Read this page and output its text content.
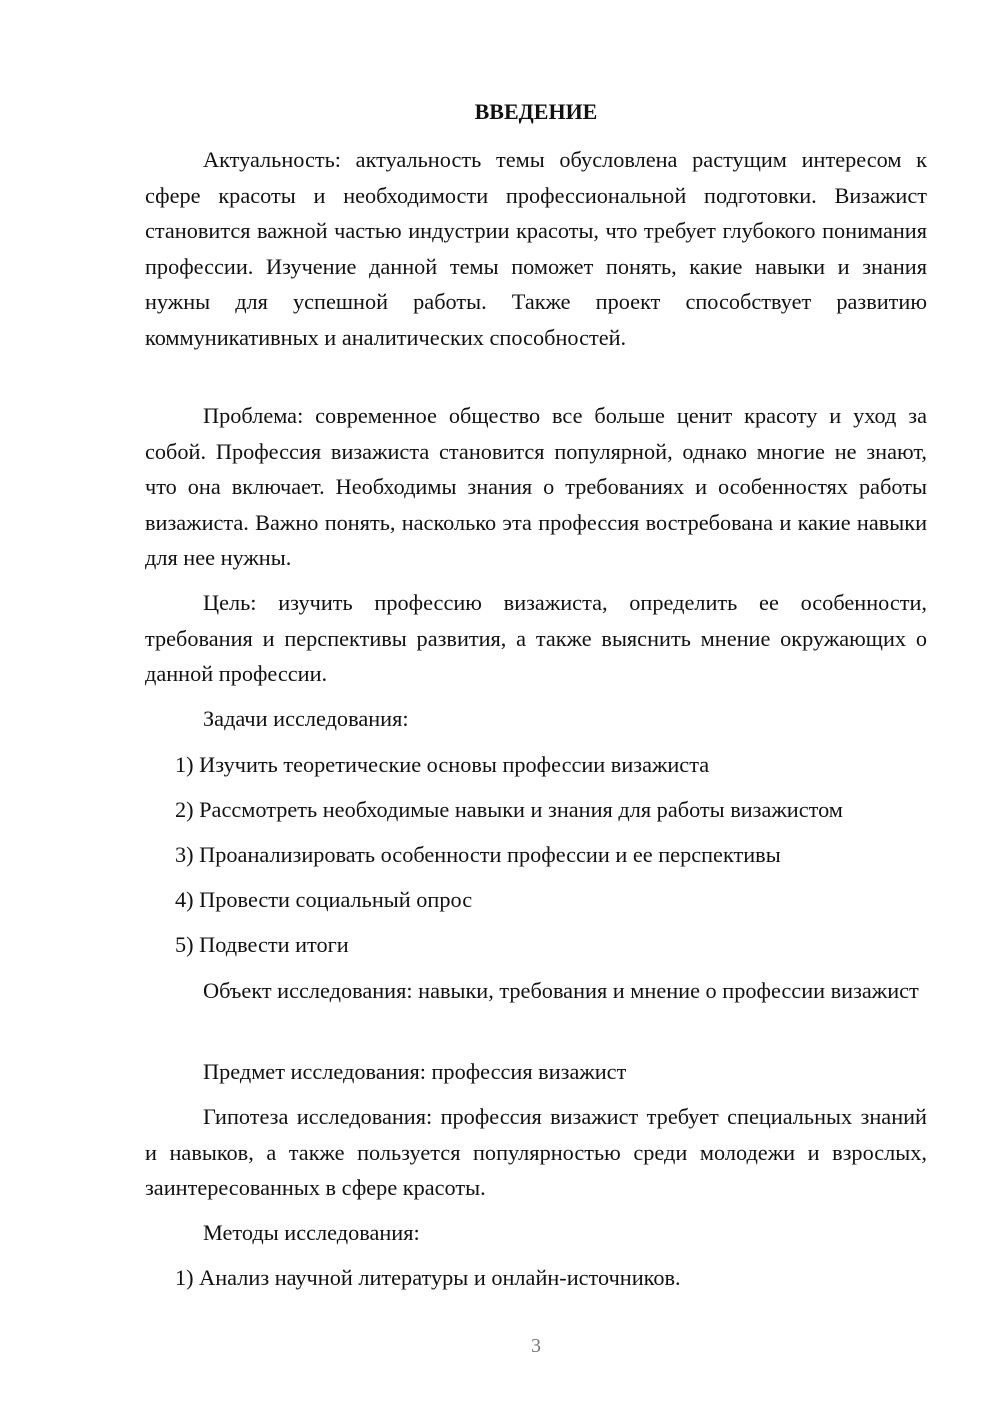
ВВЕДЕНИЕ

Актуальность: актуальность темы обусловлена растущим интересом к сфере красоты и необходимости профессиональной подготовки. Визажист становится важной частью индустрии красоты, что требует глубокого понимания профессии. Изучение данной темы поможет понять, какие навыки и знания нужны для успешной работы. Также проект способствует развитию коммуникативных и аналитических способностей.

Проблема: современное общество все больше ценит красоту и уход за собой. Профессия визажиста становится популярной, однако многие не знают, что она включает. Необходимы знания о требованиях и особенностях работы визажиста. Важно понять, насколько эта профессия востребована и какие навыки для нее нужны.

Цель: изучить профессию визажиста, определить ее особенности, требования и перспективы развития, а также выяснить мнение окружающих о данной профессии.

Задачи исследования:

1) Изучить теоретические основы профессии визажиста

2) Рассмотреть необходимые навыки и знания для работы визажистом

3) Проанализировать особенности профессии и ее перспективы

4) Провести социальный опрос

5) Подвести итоги

Объект исследования: навыки, требования и мнение о профессии визажист

Предмет исследования: профессия визажист

Гипотеза исследования: профессия визажист требует специальных знаний и навыков, а также пользуется популярностью среди молодежи и взрослых, заинтересованных в сфере красоты.

Методы исследования:

1) Анализ научной литературы и онлайн-источников.

3
